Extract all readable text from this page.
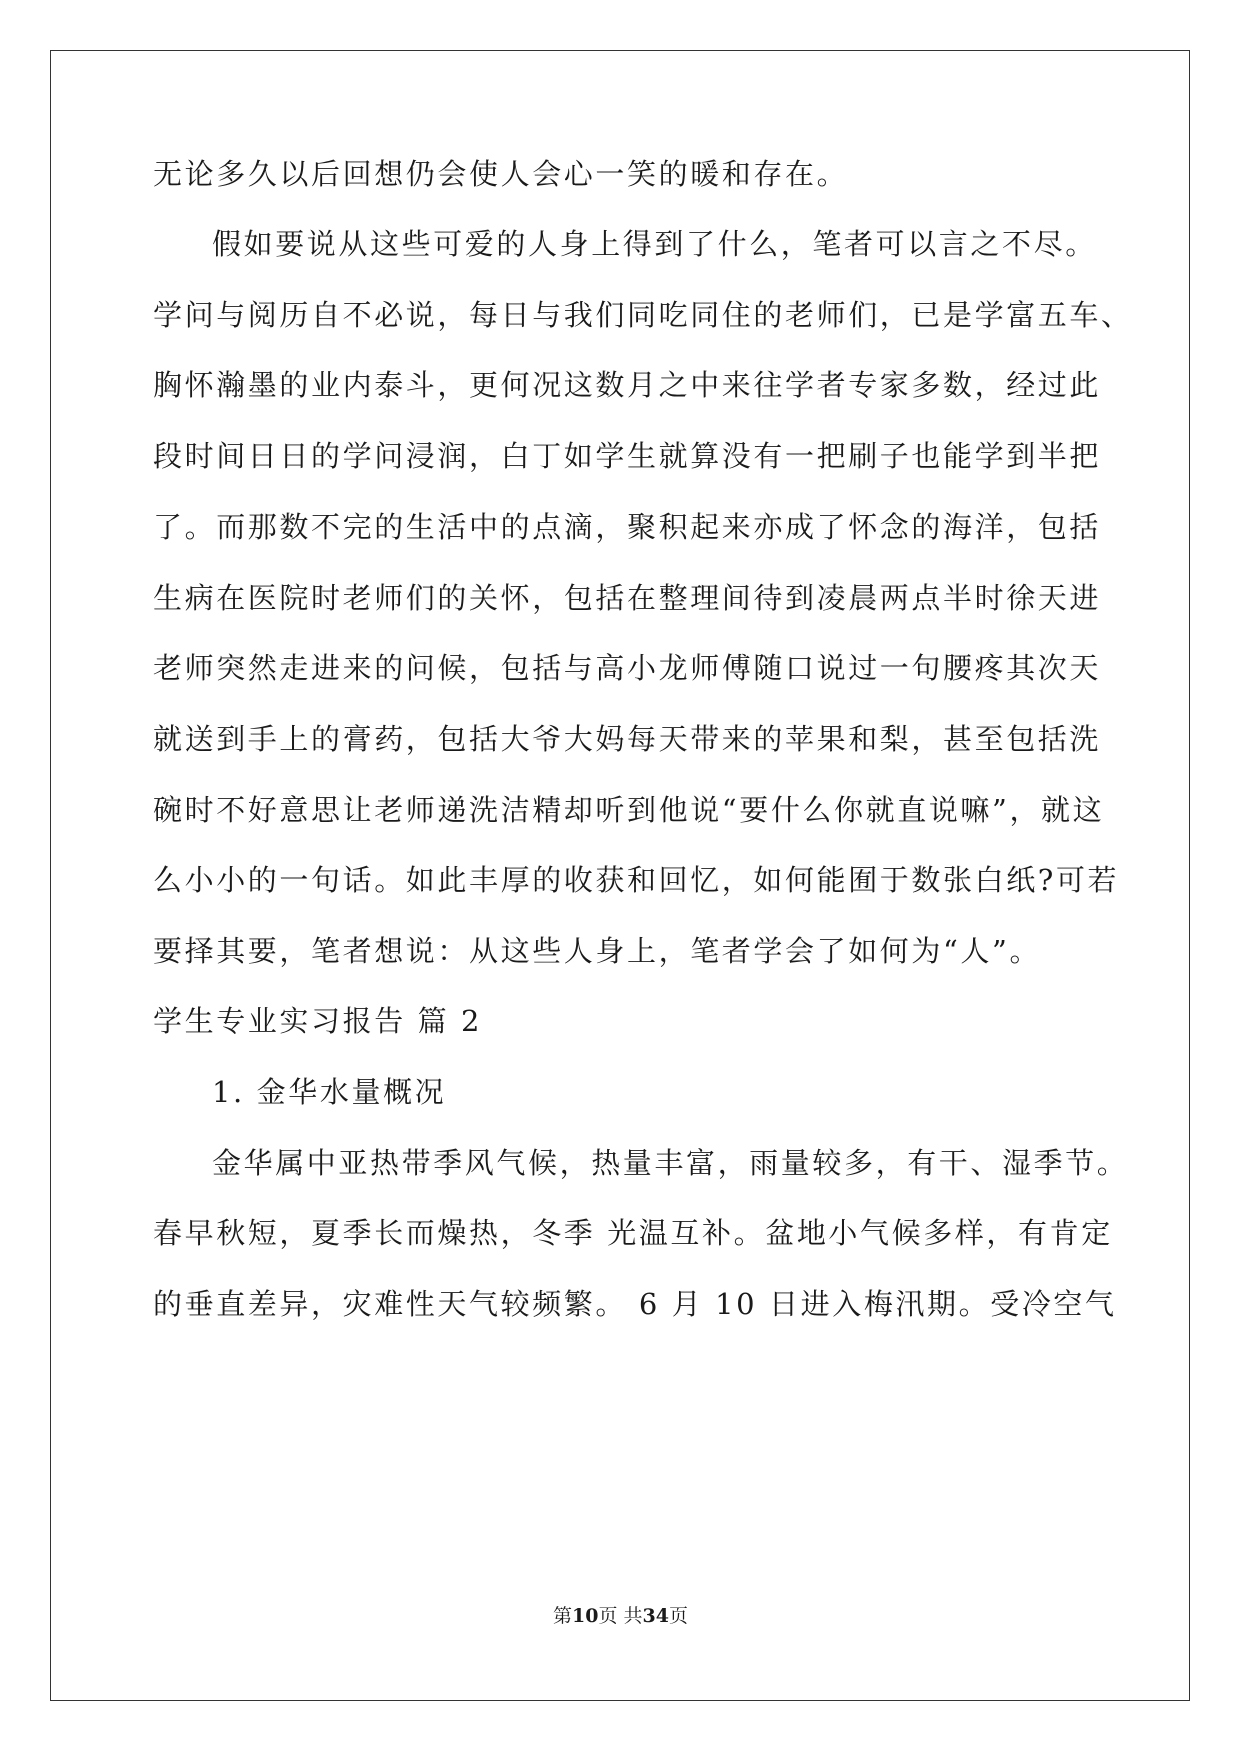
无论多久以后回想仍会使人会心一笑的暖和存在。
假如要说从这些可爱的人身上得到了什么，笔者可以言之不尽。
学问与阅历自不必说，每日与我们同吃同住的老师们，已是学富五车、
胸怀瀚墨的业内泰斗，更何况这数月之中来往学者专家多数，经过此
段时间日日的学问浸润，白丁如学生就算没有一把刷子也能学到半把
了。而那数不完的生活中的点滴，聚积起来亦成了怀念的海洋，包括
生病在医院时老师们的关怀，包括在整理间待到凌晨两点半时徐天进
老师突然走进来的问候，包括与高小龙师傅随口说过一句腰疼其次天
就送到手上的膏药，包括大爷大妈每天带来的苹果和梨，甚至包括洗
碗时不好意思让老师递洗洁精却听到他说“要什么你就直说嘛”，就这
么小小的一句话。如此丰厚的收获和回忆，如何能囿于数张白纸?可若
要择其要，笔者想说：从这些人身上，笔者学会了如何为“人”。
学生专业实习报告 篇 2
1. 金华水量概况
金华属中亚热带季风气候，热量丰富，雨量较多，有干、湿季节。
春早秋短，夏季长而燥热，冬季 光温互补。盆地小气候多样，有肯定
的垂直差异，灾难性天气较频繁。 6 月 10 日进入梅汛期。受冷空气
第10页 共34页
